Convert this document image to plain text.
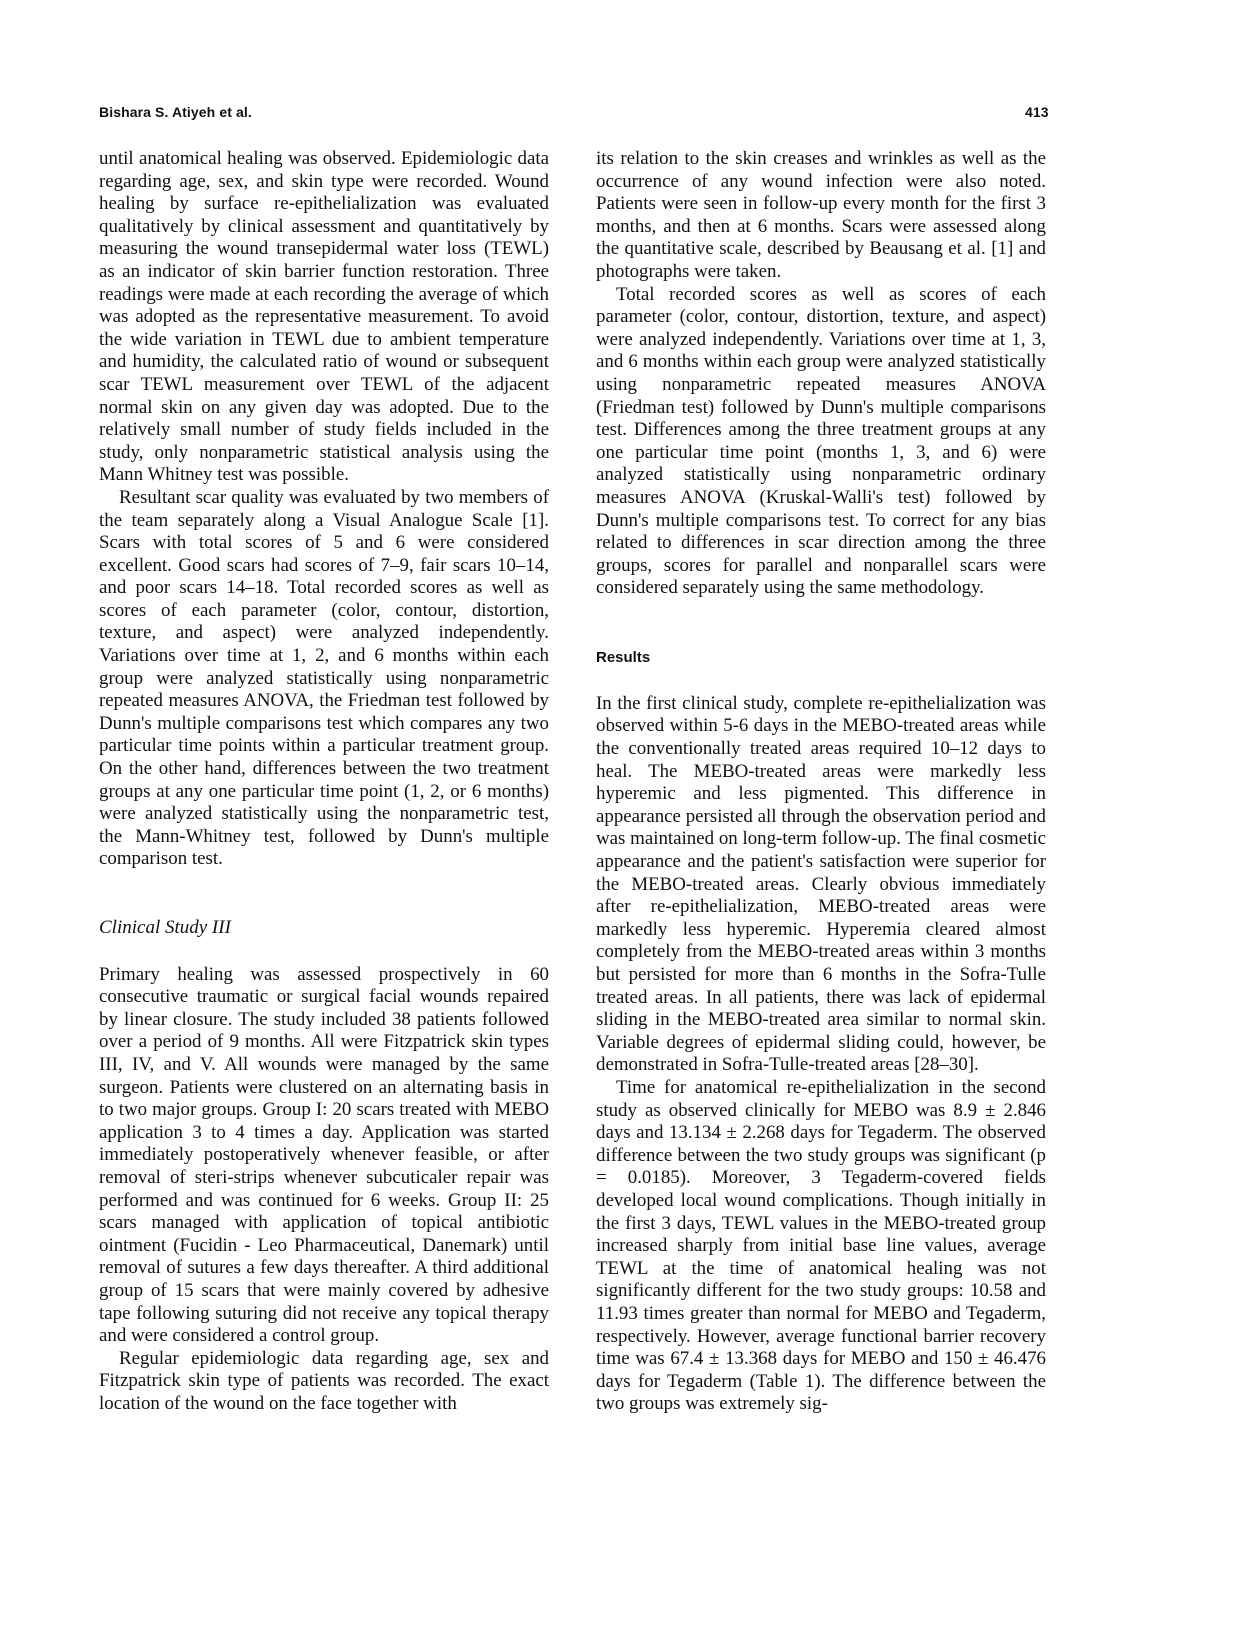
Bishara S. Atiyeh et al.	413

until anatomical healing was observed. Epidemiologic data regarding age, sex, and skin type were recorded. Wound healing by surface re-epithelialization was evaluated qualitatively by clinical assessment and quantitatively by measuring the wound transepidermal water loss (TEWL) as an indicator of skin barrier function restoration. Three readings were made at each recording the average of which was adopted as the representative measurement. To avoid the wide variation in TEWL due to ambient temperature and humidity, the calculated ratio of wound or subsequent scar TEWL measurement over TEWL of the adjacent normal skin on any given day was adopted. Due to the relatively small number of study fields included in the study, only nonparametric statistical analysis using the Mann Whitney test was possible.

Resultant scar quality was evaluated by two members of the team separately along a Visual Analogue Scale [1]. Scars with total scores of 5 and 6 were considered excellent. Good scars had scores of 7–9, fair scars 10–14, and poor scars 14–18. Total recorded scores as well as scores of each parameter (color, contour, distortion, texture, and aspect) were analyzed independently. Variations over time at 1, 2, and 6 months within each group were analyzed statistically using nonparametric repeated measures ANOVA, the Friedman test followed by Dunn's multiple comparisons test which compares any two particular time points within a particular treatment group. On the other hand, differences between the two treatment groups at any one particular time point (1, 2, or 6 months) were analyzed statistically using the nonparametric test, the Mann-Whitney test, followed by Dunn's multiple comparison test.

Clinical Study III

Primary healing was assessed prospectively in 60 consecutive traumatic or surgical facial wounds repaired by linear closure. The study included 38 patients followed over a period of 9 months. All were Fitzpatrick skin types III, IV, and V. All wounds were managed by the same surgeon. Patients were clustered on an alternating basis in to two major groups. Group I: 20 scars treated with MEBO application 3 to 4 times a day. Application was started immediately postoperatively whenever feasible, or after removal of steri-strips whenever subcuticaler repair was performed and was continued for 6 weeks. Group II: 25 scars managed with application of topical antibiotic ointment (Fucidin - Leo Pharmaceutical, Danemark) until removal of sutures a few days thereafter. A third additional group of 15 scars that were mainly covered by adhesive tape following suturing did not receive any topical therapy and were considered a control group.

Regular epidemiologic data regarding age, sex and Fitzpatrick skin type of patients was recorded. The exact location of the wound on the face together with

its relation to the skin creases and wrinkles as well as the occurrence of any wound infection were also noted. Patients were seen in follow-up every month for the first 3 months, and then at 6 months. Scars were assessed along the quantitative scale, described by Beausang et al. [1] and photographs were taken.

Total recorded scores as well as scores of each parameter (color, contour, distortion, texture, and aspect) were analyzed independently. Variations over time at 1, 3, and 6 months within each group were analyzed statistically using nonparametric repeated measures ANOVA (Friedman test) followed by Dunn's multiple comparisons test. Differences among the three treatment groups at any one particular time point (months 1, 3, and 6) were analyzed statistically using nonparametric ordinary measures ANOVA (Kruskal-Walli's test) followed by Dunn's multiple comparisons test. To correct for any bias related to differences in scar direction among the three groups, scores for parallel and nonparallel scars were considered separately using the same methodology.

Results

In the first clinical study, complete re-epithelialization was observed within 5-6 days in the MEBO-treated areas while the conventionally treated areas required 10–12 days to heal. The MEBO-treated areas were markedly less hyperemic and less pigmented. This difference in appearance persisted all through the observation period and was maintained on long-term follow-up. The final cosmetic appearance and the patient's satisfaction were superior for the MEBO-treated areas. Clearly obvious immediately after re-epithelialization, MEBO-treated areas were markedly less hyperemic. Hyperemia cleared almost completely from the MEBO-treated areas within 3 months but persisted for more than 6 months in the Sofra-Tulle treated areas. In all patients, there was lack of epidermal sliding in the MEBO-treated area similar to normal skin. Variable degrees of epidermal sliding could, however, be demonstrated in Sofra-Tulle-treated areas [28–30].

Time for anatomical re-epithelialization in the second study as observed clinically for MEBO was 8.9 ± 2.846 days and 13.134 ± 2.268 days for Tegaderm. The observed difference between the two study groups was significant (p = 0.0185). Moreover, 3 Tegaderm-covered fields developed local wound complications. Though initially in the first 3 days, TEWL values in the MEBO-treated group increased sharply from initial base line values, average TEWL at the time of anatomical healing was not significantly different for the two study groups: 10.58 and 11.93 times greater than normal for MEBO and Tegaderm, respectively. However, average functional barrier recovery time was 67.4 ± 13.368 days for MEBO and 150 ± 46.476 days for Tegaderm (Table 1). The difference between the two groups was extremely sig-
